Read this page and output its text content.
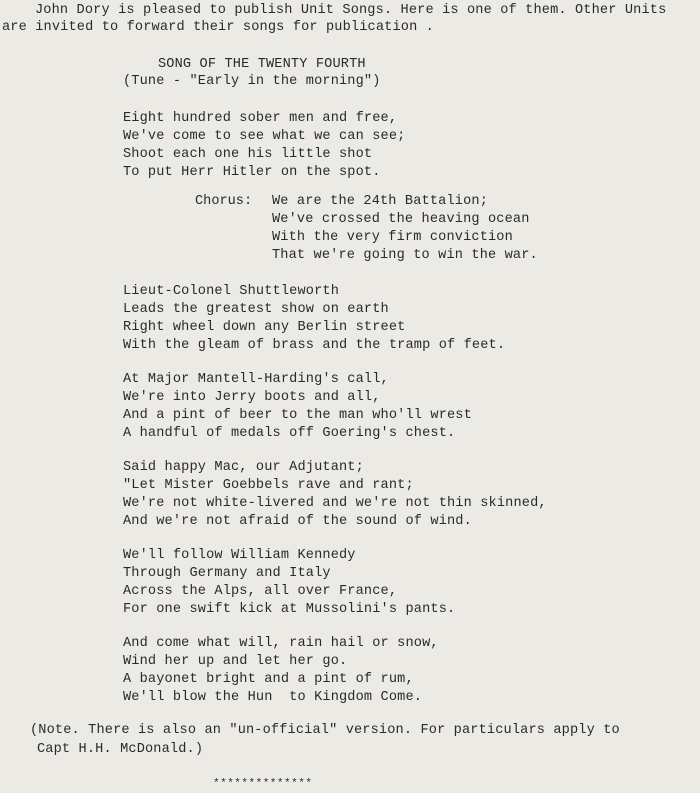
John Dory is pleased to publish Unit Songs. Here is one of them. Other Units
are invited to forward their songs for publication .
SONG OF THE TWENTY FOURTH
(Tune - "Early in the morning")
Eight hundred sober men and free,
We've come to see what we can see;
Shoot each one his little shot
To put Herr Hitler on the spot.
Chorus: We are the 24th Battalion;
We've crossed the heaving ocean
With the very firm conviction
That we're going to win the war.
Lieut-Colonel Shuttleworth
Leads the greatest show on earth
Right wheel down any Berlin street
With the gleam of brass and the tramp of feet.
At Major Mantell-Harding's call,
We're into Jerry boots and all,
And a pint of beer to the man who'll wrest
A handful of medals off Goering's chest.
Said happy Mac, our Adjutant;
"Let Mister Goebbels rave and rant;
We're not white-livered and we're not thin skinned,
And we're not afraid of the sound of wind.
We'll follow William Kennedy
Through Germany and Italy
Across the Alps, all over France,
For one swift kick at Mussolini's pants.
And come what will, rain hail or snow,
Wind her up and let her go.
A bayonet bright and a pint of rum,
We'll blow the Hun  to Kingdom Come.
(Note. There is also an "un-official" version. For particulars apply to
Capt H.H. McDonald.)
**************
